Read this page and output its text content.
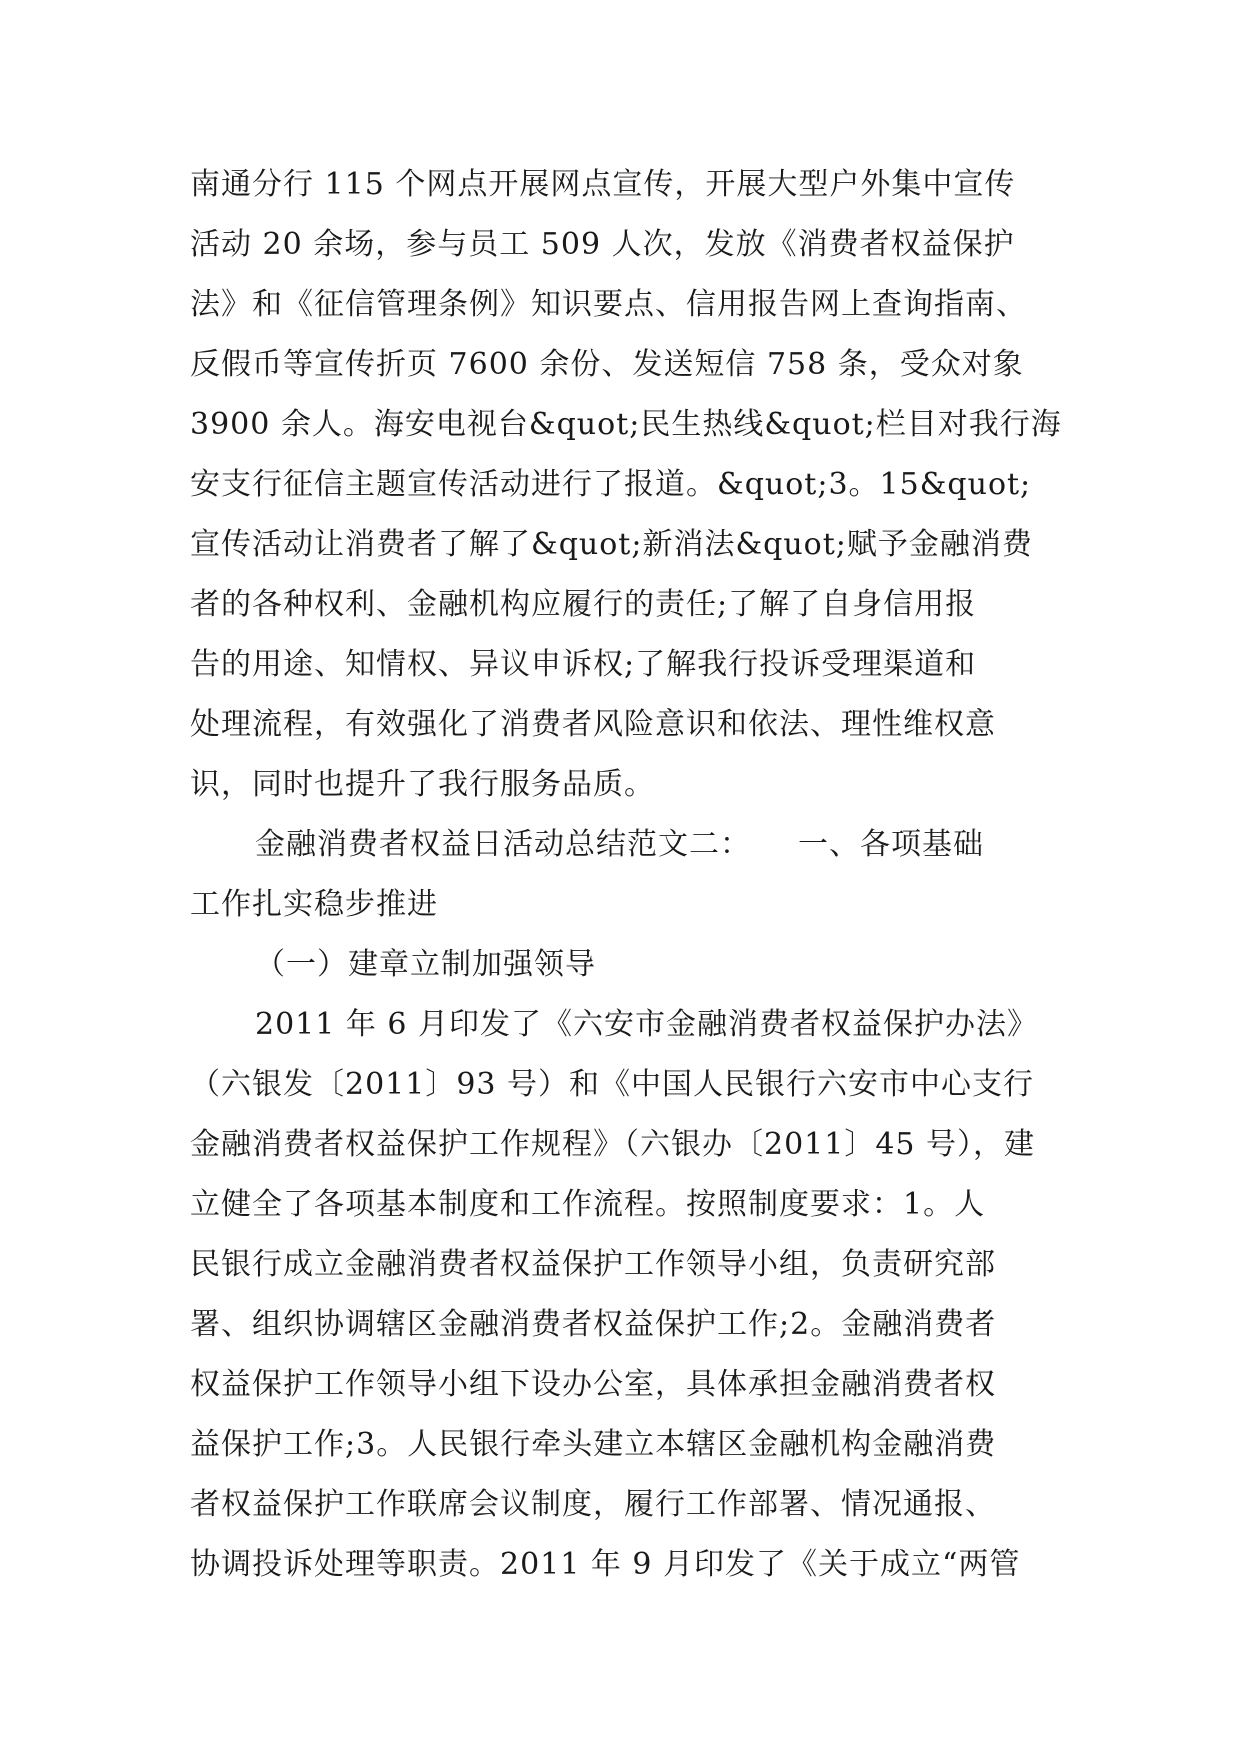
南通分行 115 个网点开展网点宣传，开展大型户外集中宣传
活动 20 余场，参与员工 509 人次，发放《消费者权益保护
法》和《征信管理条例》知识要点、信用报告网上查询指南、
反假币等宣传折页 7600 余份、发送短信 758 条，受众对象
3900 余人。海安电视台&quot;民生热线&quot;栏目对我行海
安支行征信主题宣传活动进行了报道。&quot;3。15&quot;
宣传活动让消费者了解了&quot;新消法&quot;赋予金融消费
者的各种权利、金融机构应履行的责任;了解了自身信用报
告的用途、知情权、异议申诉权;了解我行投诉受理渠道和
处理流程，有效强化了消费者风险意识和依法、理性维权意
识，同时也提升了我行服务品质。
金融消费者权益日活动总结范文二：　　一、各项基础
工作扎实稳步推进
（一）建章立制加强领导
2011 年 6 月印发了《六安市金融消费者权益保护办法》
（六银发〔2011〕93 号）和《中国人民银行六安市中心支行
金融消费者权益保护工作规程》（六银办〔2011〕45 号），建
立健全了各项基本制度和工作流程。按照制度要求：1。人
民银行成立金融消费者权益保护工作领导小组，负责研究部
署、组织协调辖区金融消费者权益保护工作;2。金融消费者
权益保护工作领导小组下设办公室，具体承担金融消费者权
益保护工作;3。人民银行牵头建立本辖区金融机构金融消费
者权益保护工作联席会议制度，履行工作部署、情况通报、
协调投诉处理等职责。2011 年 9 月印发了《关于成立“两管
